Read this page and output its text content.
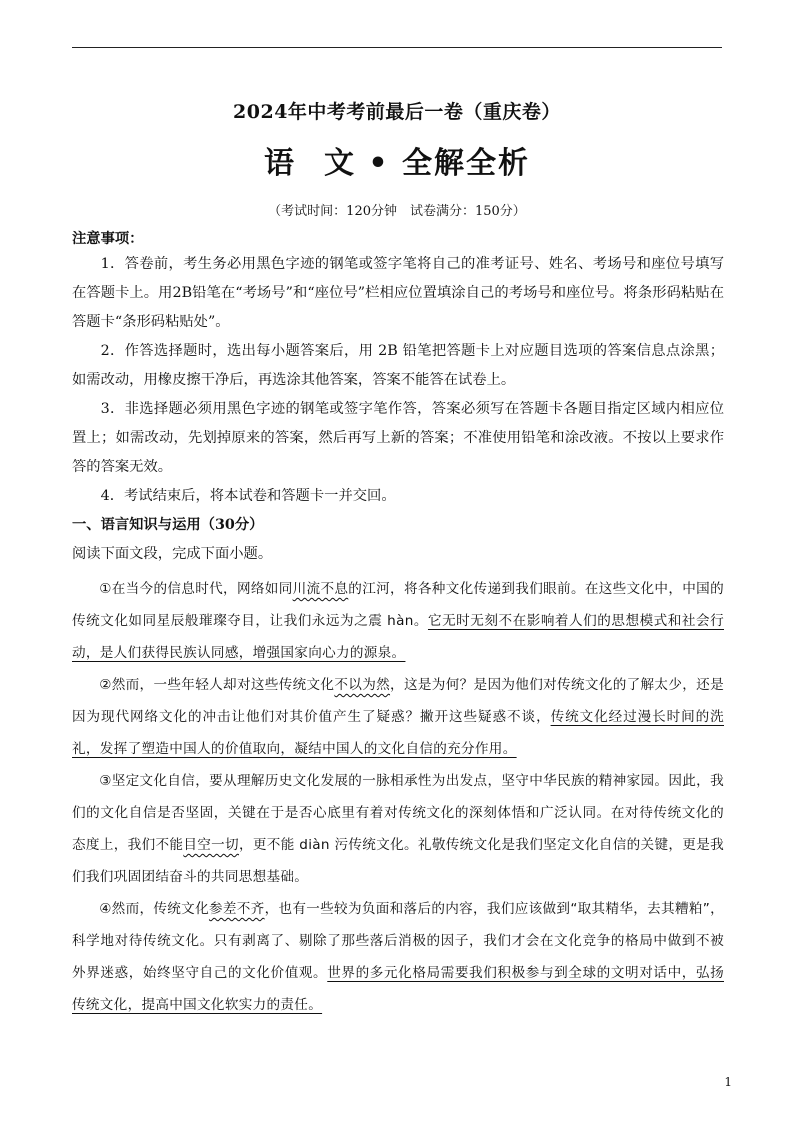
2024年中考考前最后一卷（重庆卷）
语 文 • 全解全析
（考试时间：120分钟　试卷满分：150分）
注意事项：

1．答卷前，考生务必用黑色字迹的钢笔或签字笔将自己的准考证号、姓名、考场号和座位号填写在答题卡上。用2B铅笔在“考场号”和“座位号”栏相应位置填涂自己的考场号和座位号。将条形码粘贴在答题卡“条形码粘贴处”。

2．作答选择题时，选出每小题答案后，用 2B 铅笔把答题卡上对应题目选项的答案信息点涂黑；如需改动，用橡皮擦干净后，再选涂其他答案，答案不能答在试卷上。

3．非选择题必须用黑色字迹的钢笔或签字笔作答，答案必须写在答题卡各题目指定区域内相应位置上；如需改动，先划掉原来的答案，然后再写上新的答案；不准使用铅笔和涂改液。不按以上要求作答的答案无效。

4．考试结束后，将本试卷和答题卡一并交回。

一、语言知识与运用（30分）
阅读下面文段，完成下面小题。

①在当今的信息时代，网络如同川流不息的江河，将各种文化传递到我们眼前。在这些文化中，中国的传统文化如同星辰般璀璨夺目，让我们永远为之震 hàn。它无时无刻不在影响着人们的思想模式和社会行动，是人们获得民族认同感，增强国家向心力的源泉。

②然而，一些年轻人却对这些传统文化不以为然，这是为何？是因为他们对传统文化的了解太少，还是因为现代网络文化的冲击让他们对其价值产生了疑惑？撇开这些疑惑不谈，传统文化经过漫长时间的洗礼，发挥了塑造中国人的价值取向，凝结中国人的文化自信的充分作用。

③坚定文化自信，要从理解历史文化发展的一脉相承性为出发点，坚守中华民族的精神家园。因此，我们的文化自信是否坚固，关键在于是否心底里有着对传统文化的深刻体悟和广泛认同。在对待传统文化的态度上，我们不能目空一切，更不能 diàn 污传统文化。礼敬传统文化是我们坚定文化自信的关键，更是我们我们巩固团结奋斗的共同思想基础。

④然而，传统文化参差不齐，也有一些较为负面和落后的内容，我们应该做到“取其精华，去其糟粕”，科学地对待传统文化。只有剥离了、剔除了那些落后消极的因子，我们才会在文化竞争的格局中做到不被外界迷惑，始终坚守自己的文化价值观。世界的多元化格局需要我们积极参与到全球的文明对话中，弘扬传统文化，提高中国文化软实力的责任。

1
